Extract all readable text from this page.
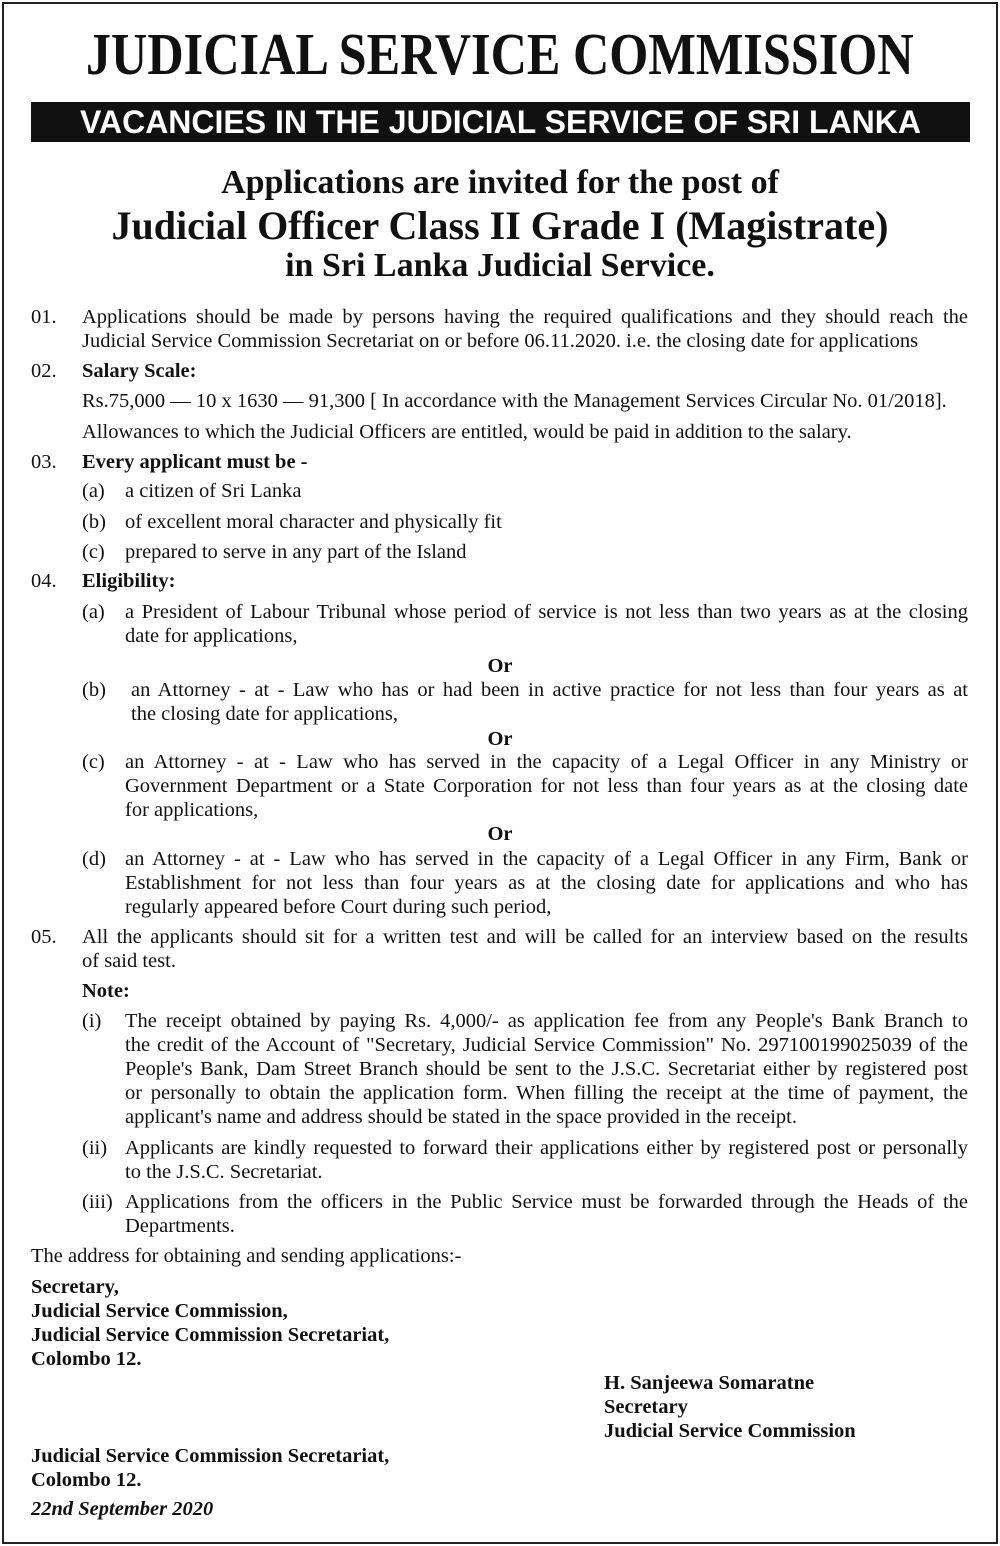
JUDICIAL SERVICE COMMISSION
VACANCIES IN THE JUDICIAL SERVICE OF SRI LANKA
Applications are invited for the post of
Judicial Officer Class II Grade I (Magistrate)
in Sri Lanka Judicial Service.
01. Applications should be made by persons having the required qualifications and they should reach the
Judicial Service Commission Secretariat on or before 06.11.2020. i.e. the closing date for applications
02. Salary Scale:
Rs.75,000 — 10 x 1630 — 91,300 [ In accordance with the Management Services Circular No. 01/2018].
Allowances to which the Judicial Officers are entitled, would be paid in addition to the salary.
03. Every applicant must be -
(a) a citizen of Sri Lanka
(b) of excellent moral character and physically fit
(c) prepared to serve in any part of the Island
04. Eligibility:
(a) a President of Labour Tribunal whose period of service is not less than two years as at the closing
date for applications,
Or
(b) an Attorney - at - Law who has or had been in active practice for not less than four years as at
the closing date for applications,
Or
(c) an Attorney - at - Law who has served in the capacity of a Legal Officer in any Ministry or
Government Department or a State Corporation for not less than four years as at the closing date
for applications,
Or
(d) an Attorney - at - Law who has served in the capacity of a Legal Officer in any Firm, Bank or
Establishment for not less than four years as at the closing date for applications and who has
regularly appeared before Court during such period,
05. All the applicants should sit for a written test and will be called for an interview based on the results
of said test.
Note:
(i) The receipt obtained by paying Rs. 4,000/- as application fee from any People's Bank Branch to
the credit of the Account of "Secretary, Judicial Service Commission" No. 297100199025039 of the
People's Bank, Dam Street Branch should be sent to the J.S.C. Secretariat either by registered post
or personally to obtain the application form. When filling the receipt at the time of payment, the
applicant's name and address should be stated in the space provided in the receipt.
(ii) Applicants are kindly requested to forward their applications either by registered post or personally
to the J.S.C. Secretariat.
(iii) Applications from the officers in the Public Service must be forwarded through the Heads of the
Departments.
The address for obtaining and sending applications:-
Secretary,
Judicial Service Commission,
Judicial Service Commission Secretariat,
Colombo 12.
H. Sanjeewa Somaratne
Secretary
Judicial Service Commission
Judicial Service Commission Secretariat,
Colombo 12.
22nd September 2020
